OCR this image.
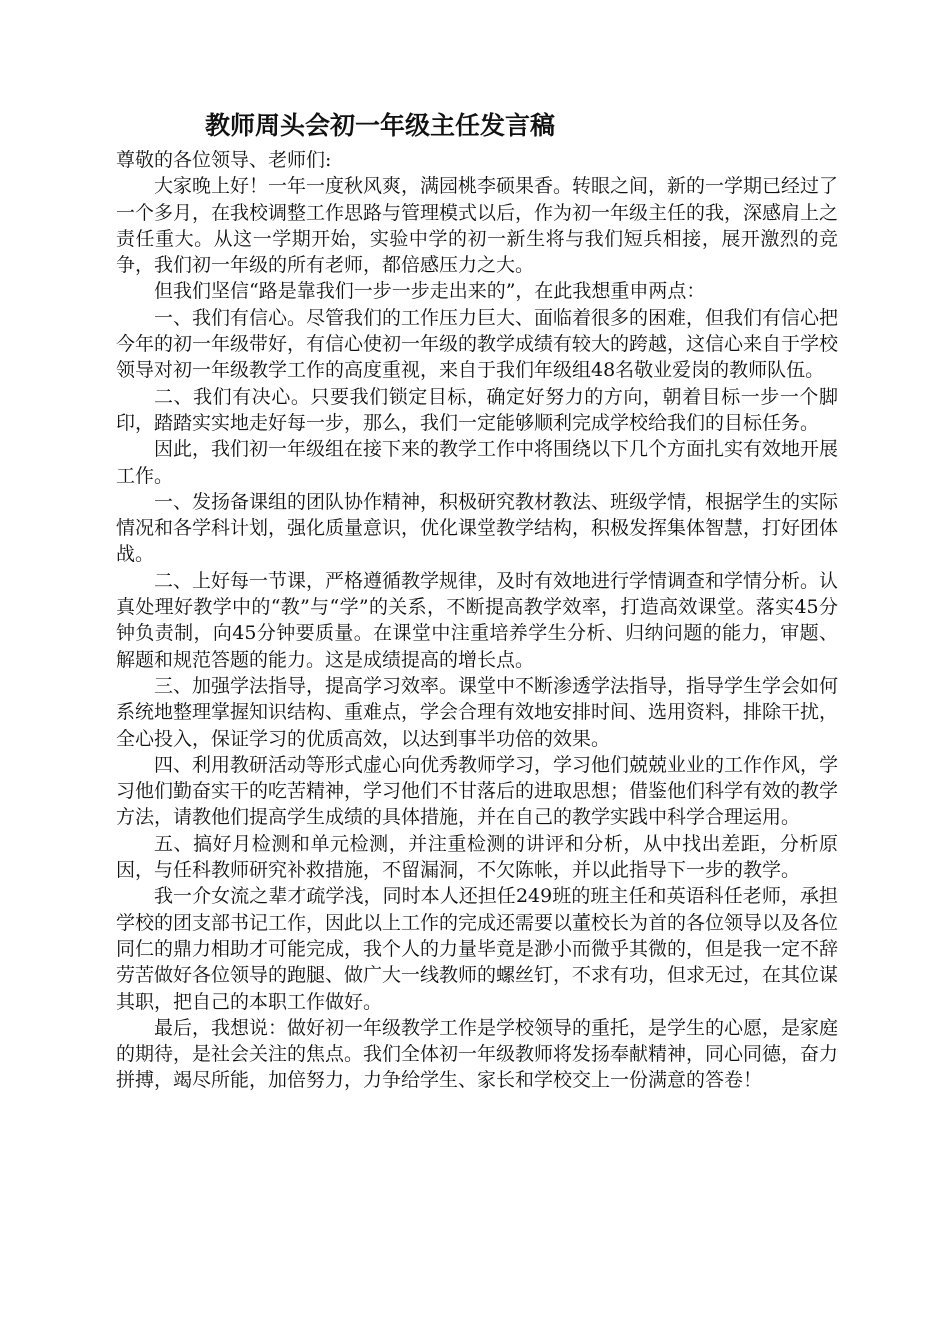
教师周头会初一年级主任发言稿

尊敬的各位领导、老师们:

大家晚上好！一年一度秋风爽，满园桃李硕果香。转眼之间，新的一学期已经过了一个多月，在我校调整工作思路与管理模式以后，作为初一年级主任的我，深感肩上之责任重大。从这一学期开始，实验中学的初一新生将与我们短兵相接，展开激烈的竞争，我们初一年级的所有老师，都倍感压力之大。

但我们坚信“路是靠我们一步一步走出来的”，在此我想重申两点：

一、我们有信心。尽管我们的工作压力巨大、面临着很多的困难，但我们有信心把今年的初一年级带好，有信心使初一年级的教学成绩有较大的跨越，这信心来自于学校领导对初一年级教学工作的高度重视，来自于我们年级组48名敬业爱岗的教师队伍。

二、我们有决心。只要我们锁定目标，确定好努力的方向，朝着目标一步一个脚印，踏踏实实地走好每一步，那么，我们一定能够顺利完成学校给我们的目标任务。

因此，我们初一年级组在接下来的教学工作中将围绕以下几个方面扎实有效地开展工作。

一、发扬备课组的团队协作精神，积极研究教材教法、班级学情，根据学生的实际情况和各学科计划，强化质量意识，优化课堂教学结构，积极发挥集体智慧，打好团体战。

二、上好每一节课，严格遵循教学规律，及时有效地进行学情调查和学情分析。认真处理好教学中的“教”与“学”的关系，不断提高教学效率，打造高效课堂。落实45分钟负责制，向45分钟要质量。在课堂中注重培养学生分析、归纳问题的能力，审题、解题和规范答题的能力。这是成绩提高的增长点。

三、加强学法指导，提高学习效率。课堂中不断渗透学法指导，指导学生学会如何系统地整理掌握知识结构、重难点，学会合理有效地安排时间、选用资料，排除干扰，全心投入，保证学习的优质高效，以达到事半功倍的效果。

四、利用教研活动等形式虚心向优秀教师学习，学习他们兢兢业业的工作作风，学习他们勤奋实干的吃苦精神，学习他们不甘落后的进取思想；借鉴他们科学有效的教学方法，请教他们提高学生成绩的具体措施，并在自己的教学实践中科学合理运用。

五、搞好月检测和单元检测，并注重检测的讲评和分析，从中找出差距，分析原因，与任科教师研究补救措施，不留漏洞，不欠陈帐，并以此指导下一步的教学。

我一介女流之辈才疏学浅，同时本人还担任249班的班主任和英语科任老师，承担学校的团支部书记工作，因此以上工作的完成还需要以董校长为首的各位领导以及各位同仁的鼎力相助才可能完成，我个人的力量毕竟是渺小而微乎其微的，但是我一定不辞劳苦做好各位领导的跑腿、做广大一线教师的螺丝钉，不求有功，但求无过，在其位谋其职，把自己的本职工作做好。

最后，我想说：做好初一年级教学工作是学校领导的重托，是学生的心愿，是家庭的期待，是社会关注的焦点。我们全体初一年级教师将发扬奉献精神，同心同德，奋力拼搏，竭尽所能，加倍努力，力争给学生、家长和学校交上一份满意的答卷！
